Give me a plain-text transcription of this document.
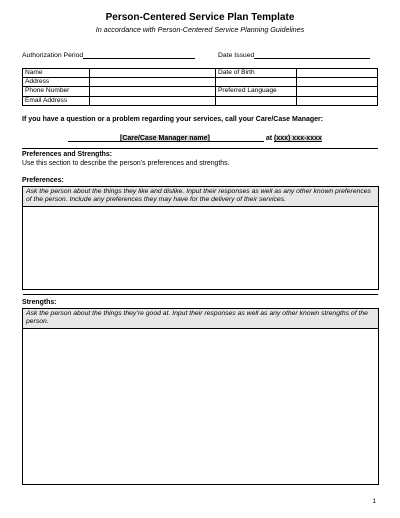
Person-Centered Service Plan Template
In accordance with Person-Centered Service Planning Guidelines
Authorization Period	Date Issued
Name		Date of Birth	
Address			
Phone Number		Preferred Language	
Email Address			
If you have a question or a problem regarding your services, call your Care/Case Manager:
[Care/Case Manager name]	at (xxx) xxx-xxxx
Preferences and Strengths:
Use this section to describe the person’s preferences and strengths.
Preferences:
Ask the person about the things they like and dislike. Input their responses as well as any other known preferences of the person. Include any preferences they may have for the delivery of their services.
Strengths:
Ask the person about the things they’re good at. Input their responses as well as any other known strengths of the person.
1
